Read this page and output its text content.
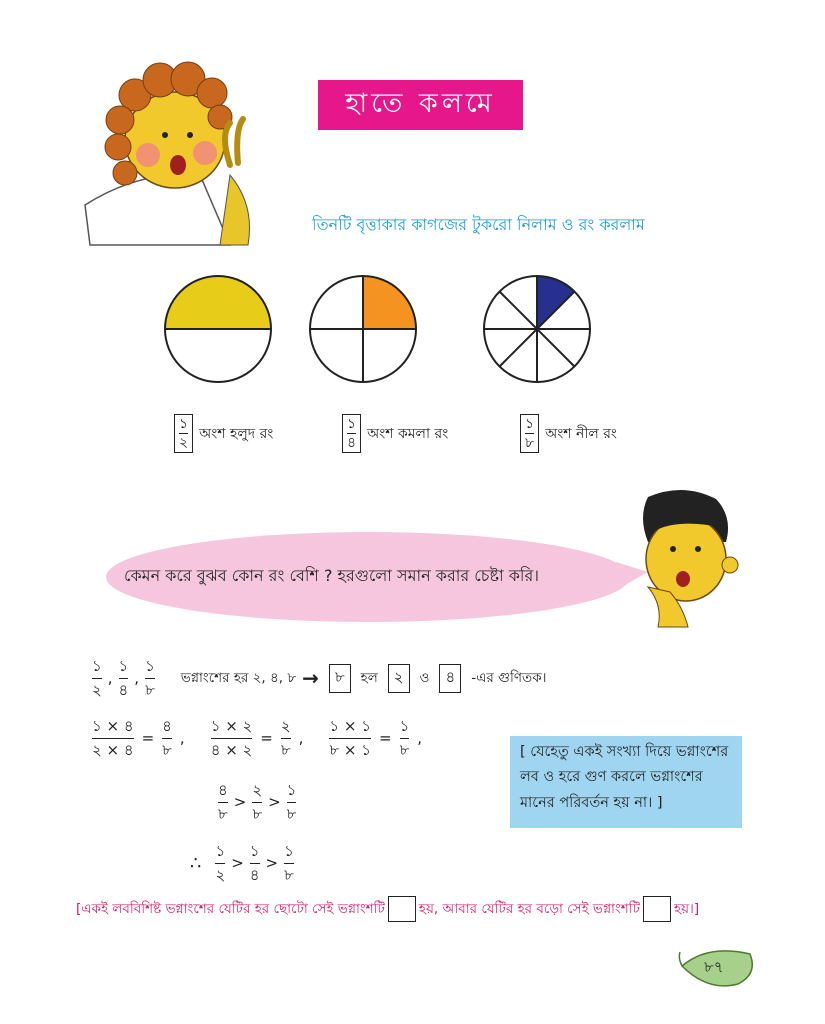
হাতে কলমে
তিনটি বৃত্তাকার কাগজের টুকরো নিলাম ও রং করলাম
$\frac{১}{২}$ অংশ হলুদ রং	$\frac{১}{৪}$ অংশ কমলা রং	$\frac{১}{৮}$ অংশ নীল রং
কেমন করে বুঝব কোন রং বেশি ? হরগুলো সমান করার চেষ্টা করি।
$\frac{১}{২}$ , $\frac{১}{৪}$ , $\frac{১}{৮}$ ভগ্নাংশের হর ২, ৪, ৮ →	৮	হল	২	ও	৪	-এর গুণিতক।
$\frac{১ \times ৪}{২ \times ৪} = \frac{৪}{৮}$ , $\frac{১ \times ২}{৪ \times ২} = \frac{২}{৮}$ , $\frac{১ \times ১}{৮ \times ১} = \frac{১}{৮}$ ,
$\frac{৪}{৮} > \frac{২}{৮} > \frac{১}{৮}$
∴ $\frac{১}{২} > \frac{১}{৪} > \frac{১}{৮}$
[ যেহেতু একই সংখ্যা দিয়ে ভগ্নাংশের লব ও হরে গুণ করলে ভগ্নাংশের মানের পরিবর্তন হয় না। ]
[একই লববিশিষ্ট ভগ্নাংশের যেটির হর ছোটো সেই ভগ্নাংশটি	হয়, আবার যেটির হর বড়ো সেই ভগ্নাংশটি	হয়।]
৮৭
